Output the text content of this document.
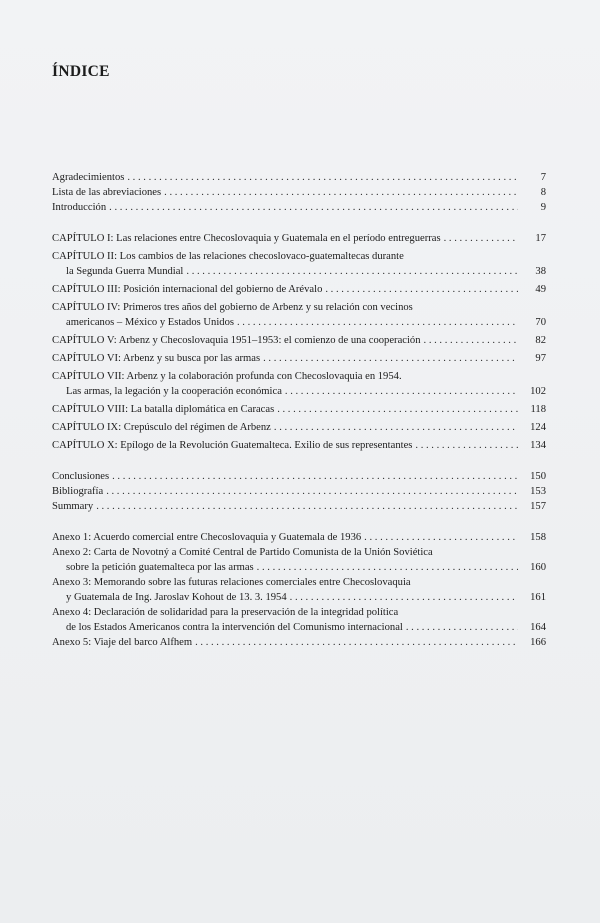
ÍNDICE
Agradecimientos . . .	7
Lista de las abreviaciones . . .	8
Introducción . . .	9
CAPÍTULO I: Las relaciones entre Checoslovaquia y Guatemala en el período entreguerras . . .	17
CAPÍTULO II: Los cambios de las relaciones checoslovaco-guatemaltecas durante
la Segunda Guerra Mundial . . .	38
CAPÍTULO III: Posición internacional del gobierno de Arévalo . . .	49
CAPÍTULO IV: Primeros tres años del gobierno de Arbenz y su relación con vecinos
americanos – México y Estados Unidos . . .	70
CAPÍTULO V: Arbenz y Checoslovaquia 1951–1953: el comienzo de una cooperación . . .	82
CAPÍTULO VI: Arbenz y su busca por las armas . . .	97
CAPÍTULO VII: Arbenz y la colaboración profunda con Checoslovaquia en 1954.
Las armas, la legación y la cooperación económica . . .	102
CAPÍTULO VIII: La batalla diplomática en Caracas . . .	118
CAPÍTULO IX: Crepúsculo del régimen de Arbenz . . .	124
CAPÍTULO X: Epílogo de la Revolución Guatemalteca. Exilio de sus representantes . . .	134
Conclusiones . . .	150
Bibliografía . . .	153
Summary . . .	157
Anexo 1: Acuerdo comercial entre Checoslovaquia y Guatemala de 1936 . . .	158
Anexo 2: Carta de Novotný a Comité Central de Partido Comunista de la Unión Soviética
sobre la petición guatemalteca por las armas . . .	160
Anexo 3: Memorando sobre las futuras relaciones comerciales entre Checoslovaquia
y Guatemala de Ing. Jaroslav Kohout de 13. 3. 1954 . . .	161
Anexo 4: Declaración de solidaridad para la preservación de la integridad política
de los Estados Americanos contra la intervención del Comunismo internacional . . .	164
Anexo 5: Viaje del barco Alfhem . . .	166
